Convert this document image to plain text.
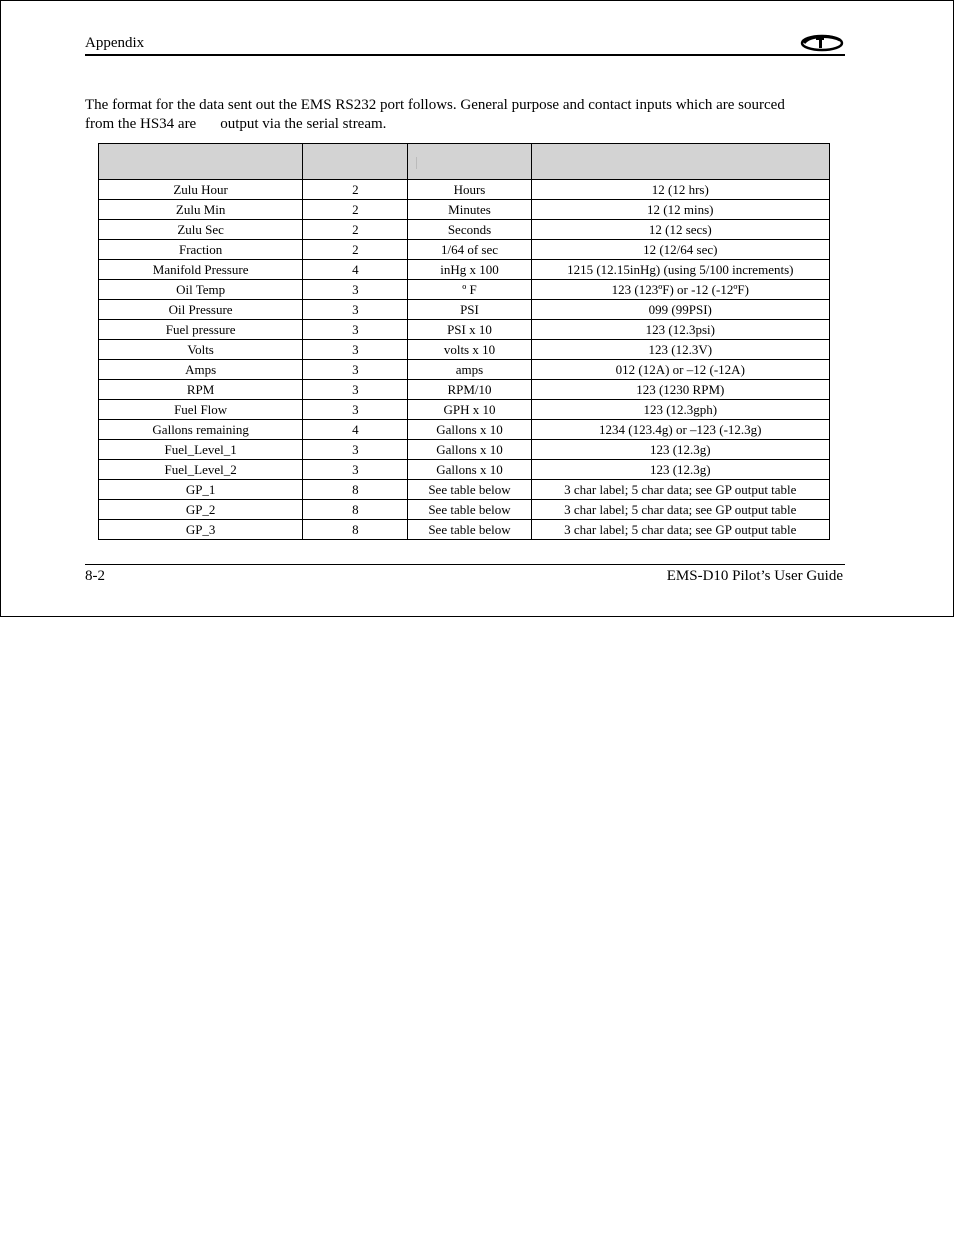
Appendix
The format for the data sent out the EMS RS232 port follows. General purpose and contact inputs which are sourced
from the HS34 are output via the serial stream.

Zulu Hour	2	Hours	12 (12 hrs)
Zulu Min	2	Minutes	12 (12 mins)
Zulu Sec	2	Seconds	12 (12 secs)
Fraction	2	1/64 of sec	12 (12/64 sec)
Manifold Pressure	4	inHg x 100	1215 (12.15inHg) (using 5/100 increments)
Oil Temp	3	º F	123 (123ºF) or -12 (-12ºF)
Oil Pressure	3	PSI	099 (99PSI)
Fuel pressure	3	PSI x 10	123 (12.3psi)
Volts	3	volts x 10	123 (12.3V)
Amps	3	amps	012 (12A) or –12 (-12A)
RPM	3	RPM/10	123 (1230 RPM)
Fuel Flow	3	GPH x 10	123 (12.3gph)
Gallons remaining	4	Gallons x 10	1234 (123.4g) or –123 (-12.3g)
Fuel_Level_1	3	Gallons x 10	123 (12.3g)
Fuel_Level_2	3	Gallons x 10	123 (12.3g)
GP_1	8	See table below	3 char label; 5 char data; see GP output table
GP_2	8	See table below	3 char label; 5 char data; see GP output table
GP_3	8	See table below	3 char label; 5 char data; see GP output table
8-2	EMS-D10 Pilot’s User Guide
